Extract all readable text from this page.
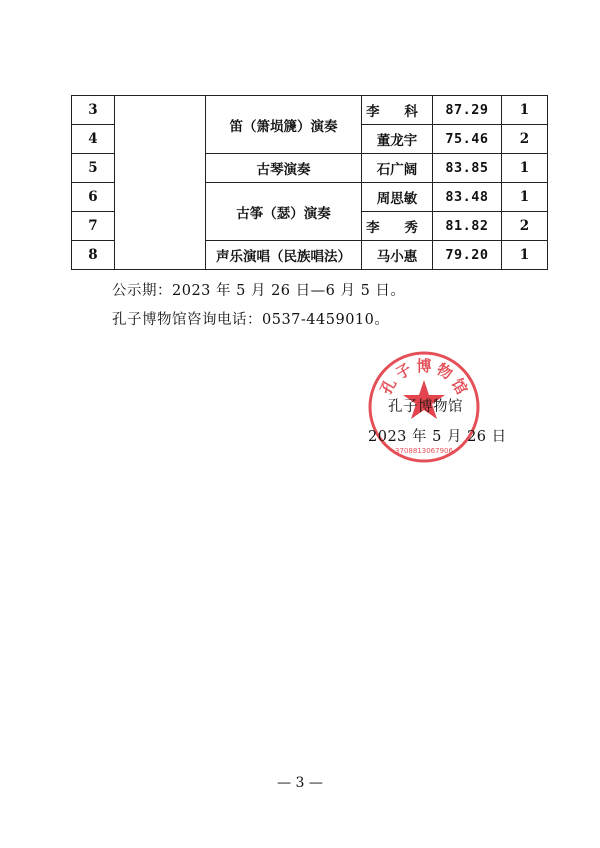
3		笛（箫埙篪）演奏	李 科	87.29	1
4			董龙宇	75.46	2
5		古琴演奏	石广阔	83.85	1
6		古筝（瑟）演奏	周思敏	83.48	1
7			李 秀	81.82	2
8		声乐演唱（民族唱法）	马小惠	79.20	1
公示期：2023 年 5 月 26 日—6 月 5 日。
孔子博物馆咨询电话：0537-4459010。
孔
子 博 物
馆
3708813067906
孔子博物馆
2023 年 5 月 26 日
— 3 —
